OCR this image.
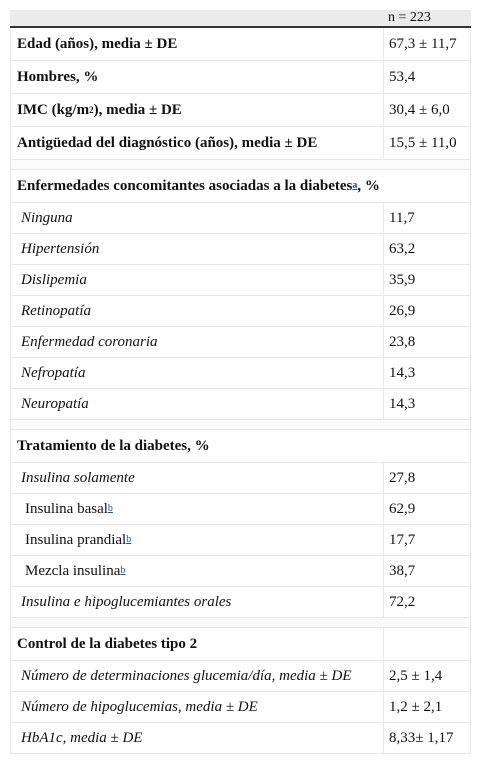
n = 223
Edad (años), media ± DE	67,3 ± 11,7
Hombres, %	53,4
IMC (kg/m 2 ), media ± DE	30,4 ± 6,0
Antigüedad del diagnóstico (años), media ± DE	15,5 ± 11,0
Enfermedades concomitantes asociadas a la diabetes a , %
Ninguna	11,7
Hipertensión	63,2
Dislipemia	35,9
Retinopatía	26,9
Enfermedad coronaria	23,8
Nefropatía	14,3
Neuropatía	14,3
Tratamiento de la diabetes, %
Insulina solamente	27,8
Insulina basal b	62,9
Insulina prandial b	17,7
Mezcla insulina b	38,7
Insulina e hipoglucemiantes orales	72,2
Control de la diabetes tipo 2
Número de determinaciones glucemia/día, media ± DE	2,5 ± 1,4
Número de hipoglucemias, media ± DE	1,2 ± 2,1
HbA1c, media ± DE	8,33± 1,17
